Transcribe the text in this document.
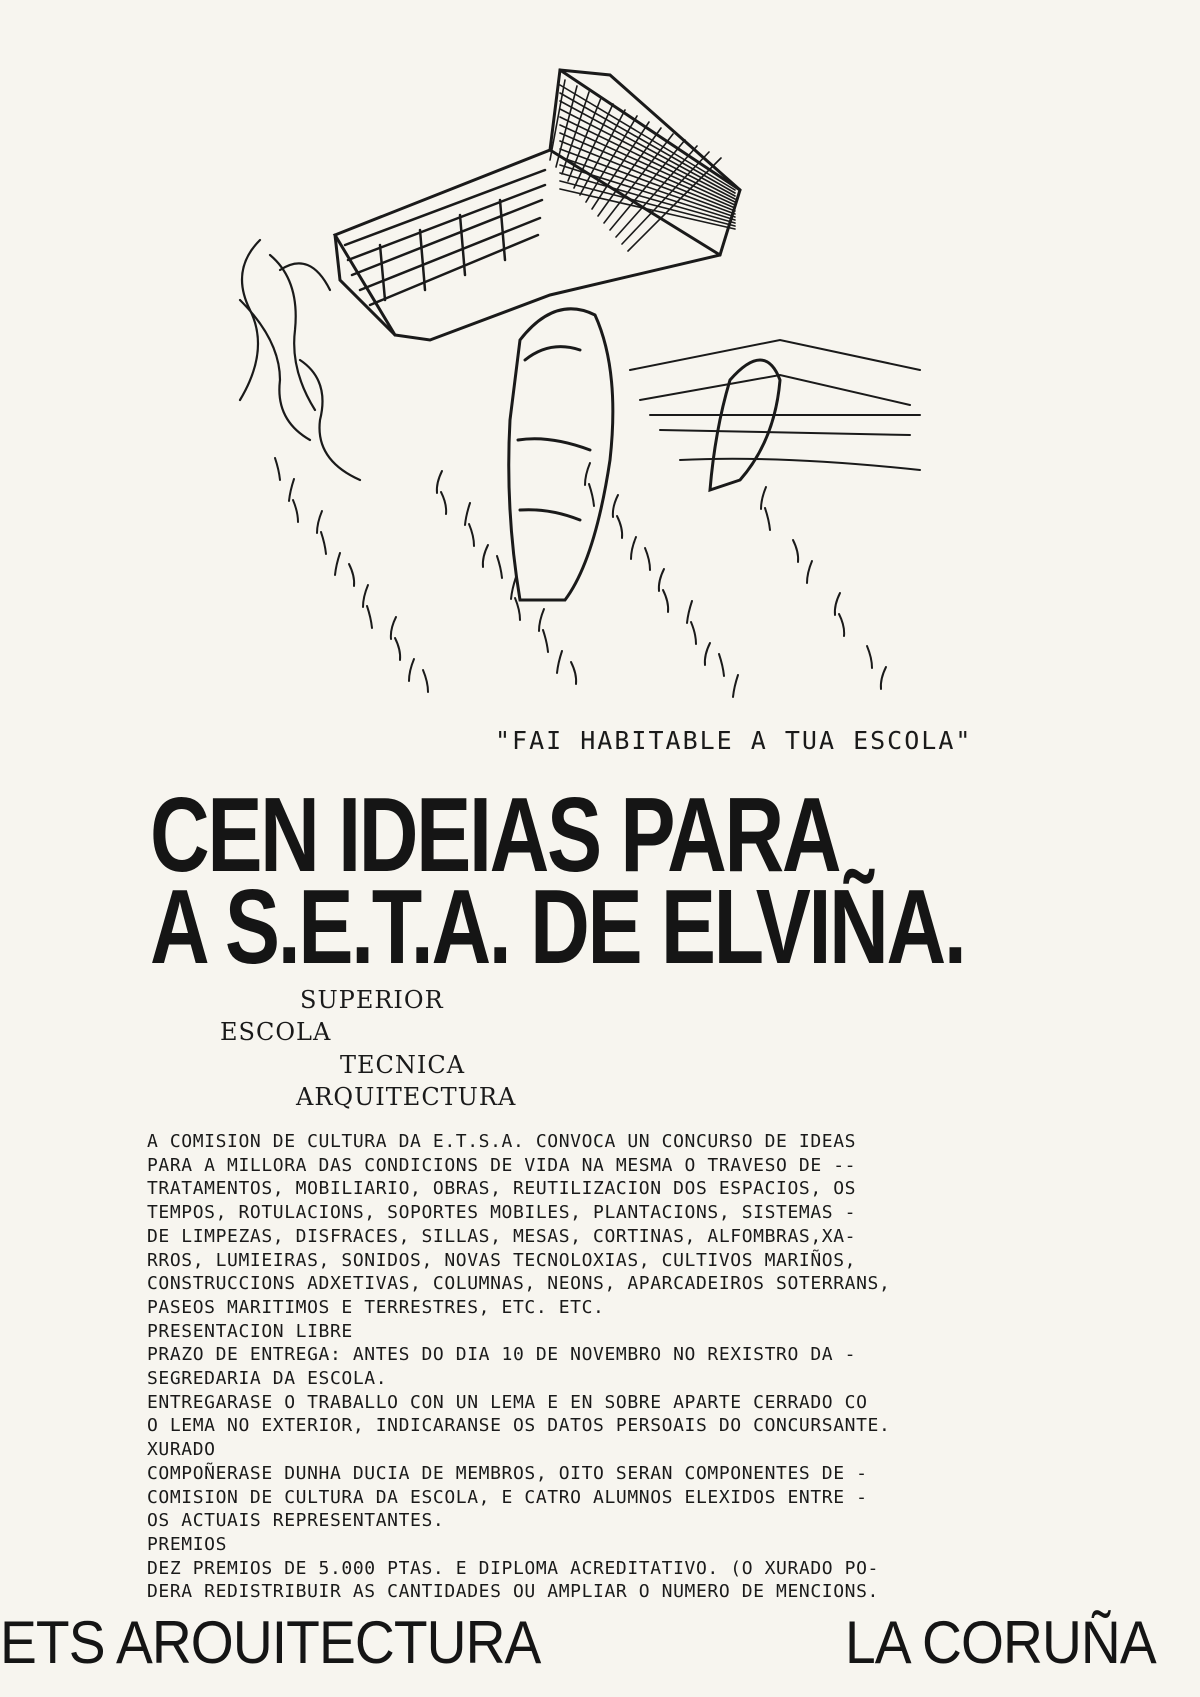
"FAI HABITABLE A TUA ESCOLA"
CEN IDEIAS PARA
A S.E.T.A. DE ELVIÑA.
SUPERIOR
ESCOLA
TECNICA
ARQUITECTURA
A COMISION DE CULTURA DA E.T.S.A. CONVOCA UN CONCURSO DE IDEAS
PARA A MILLORA DAS CONDICIONS DE VIDA NA MESMA O TRAVESO DE --
TRATAMENTOS, MOBILIARIO, OBRAS, REUTILIZACION DOS ESPACIOS, OS
TEMPOS, ROTULACIONS, SOPORTES MOBILES, PLANTACIONS, SISTEMAS -
DE LIMPEZAS, DISFRACES, SILLAS, MESAS, CORTINAS, ALFOMBRAS,XA-
RROS, LUMIEIRAS, SONIDOS, NOVAS TECNOLOXIAS, CULTIVOS MARIÑOS,
CONSTRUCCIONS ADXETIVAS, COLUMNAS, NEONS, APARCADEIROS SOTERRANS,
PASEOS MARITIMOS E TERRESTRES, ETC. ETC.
PRESENTACION LIBRE
PRAZO DE ENTREGA: ANTES DO DIA 10 DE NOVEMBRO NO REXISTRO DA -
SEGREDARIA DA ESCOLA.
ENTREGARASE O TRABALLO CON UN LEMA E EN SOBRE APARTE CERRADO CO
O LEMA NO EXTERIOR, INDICARANSE OS DATOS PERSOAIS DO CONCURSANTE.
XURADO
COMPOÑERASE DUNHA DUCIA DE MEMBROS, OITO SERAN COMPONENTES DE -
COMISION DE CULTURA DA ESCOLA, E CATRO ALUMNOS ELEXIDOS ENTRE -
OS ACTUAIS REPRESENTANTES.
PREMIOS
DEZ PREMIOS DE 5.000 PTAS. E DIPLOMA ACREDITATIVO. (O XURADO PO-
DERA REDISTRIBUIR AS CANTIDADES OU AMPLIAR O NUMERO DE MENCIONS.
ETS AROUITECTURA	LA CORUÑA
